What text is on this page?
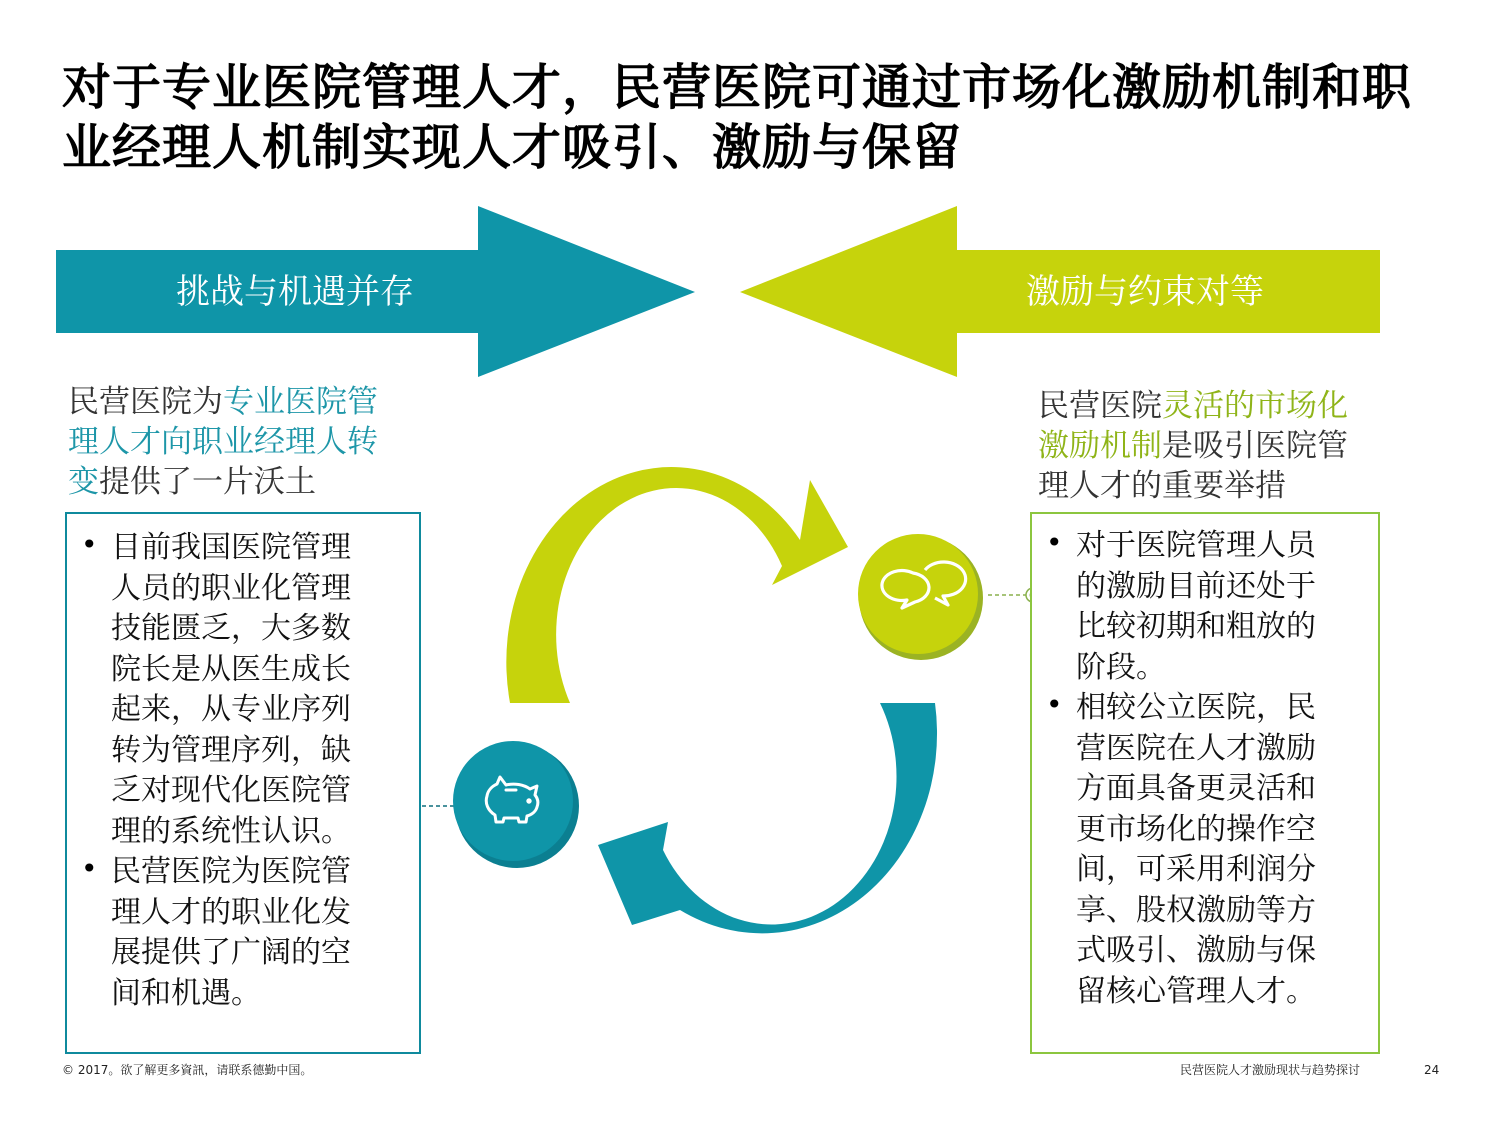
对于专业医院管理人才，民营医院可通过市场化激励机制和职
业经理人机制实现人才吸引、激励与保留
挑战与机遇并存	激励与约束对等
民营医院为专业医院管
理人才向职业经理人转
变提供了一片沃土
民营医院灵活的市场化
激励机制是吸引医院管
理人才的重要举措
• 目前我国医院管理
人员的职业化管理
技能匮乏，大多数
院长是从医生成长
起来，从专业序列
转为管理序列，缺
乏对现代化医院管
理的系统性认识。
• 民营医院为医院管
理人才的职业化发
展提供了广阔的空
间和机遇。
• 对于医院管理人员
的激励目前还处于
比较初期和粗放的
阶段。
• 相较公立医院，民
营医院在人才激励
方面具备更灵活和
更市场化的操作空
间，可采用利润分
享、股权激励等方
式吸引、激励与保
留核心管理人才。
© 2017。欲了解更多資訊，请联系德勤中国。	民营医院人才激励现状与趋势探讨	24
